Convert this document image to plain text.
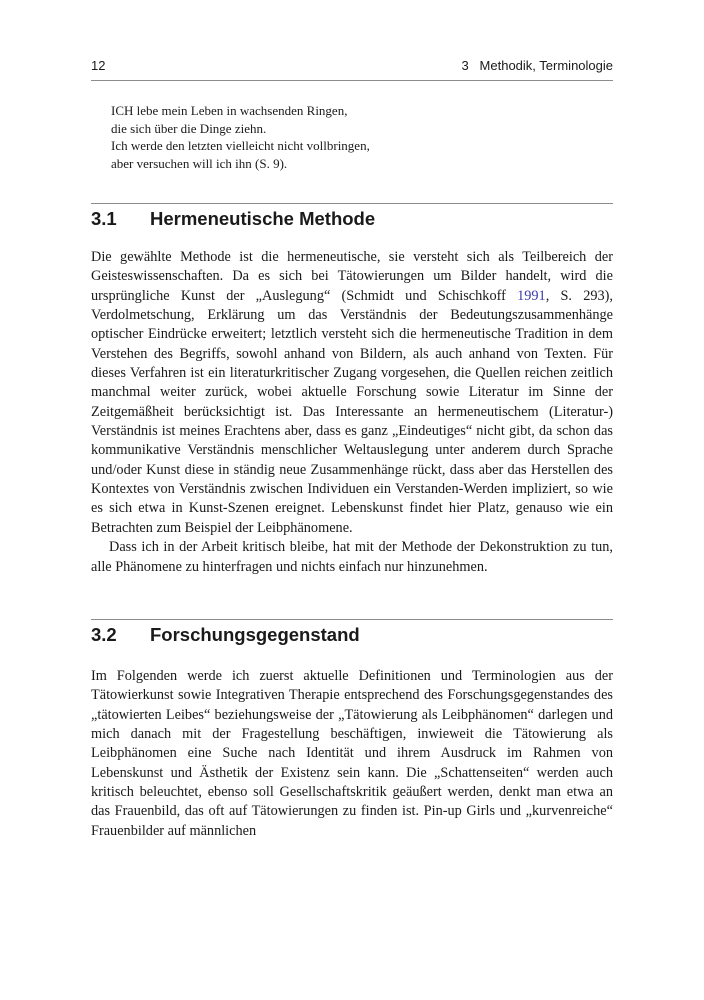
12	3   Methodik, Terminologie
ICH lebe mein Leben in wachsenden Ringen,
die sich über die Dinge ziehn.
Ich werde den letzten vielleicht nicht vollbringen,
aber versuchen will ich ihn (S. 9).
3.1 Hermeneutische Methode

Die gewählte Methode ist die hermeneutische, sie versteht sich als Teilbereich der Geisteswissenschaften. Da es sich bei Tätowierungen um Bilder handelt, wird die ursprüngliche Kunst der „Auslegung“ (Schmidt und Schischkoff 1991, S. 293), Verdolmetschung, Erklärung um das Verständnis der Bedeutungszusammenhänge optischer Eindrücke erweitert; letztlich versteht sich die hermeneutische Tradition in dem Verstehen des Begriffs, sowohl anhand von Bildern, als auch anhand von Texten. Für dieses Verfahren ist ein literaturkritischer Zugang vorgesehen, die Quellen reichen zeitlich manchmal weiter zurück, wobei aktuelle Forschung sowie Literatur im Sinne der Zeitgemäßheit berücksichtigt ist. Das Interessante an hermeneutischem (Literatur-) Verständnis ist meines Erachtens aber, dass es ganz „Eindeutiges“ nicht gibt, da schon das kommunikative Verständnis menschlicher Weltauslegung unter anderem durch Sprache und/oder Kunst diese in ständig neue Zusammenhänge rückt, dass aber das Herstellen des Kontextes von Verständnis zwischen Individuen ein Verstanden-Werden impliziert, so wie es sich etwa in Kunst-Szenen ereignet. Lebenskunst findet hier Platz, genauso wie ein Betrachten zum Beispiel der Leibphänomene.

Dass ich in der Arbeit kritisch bleibe, hat mit der Methode der Dekonstruktion zu tun, alle Phänomene zu hinterfragen und nichts einfach nur hinzunehmen.

3.2 Forschungsgegenstand

Im Folgenden werde ich zuerst aktuelle Definitionen und Terminologien aus der Tätowierkunst sowie Integrativen Therapie entsprechend des Forschungsgegenstandes des „tätowierten Leibes“ beziehungsweise der „Tätowierung als Leibphänomen“ darlegen und mich danach mit der Fragestellung beschäftigen, inwieweit die Tätowierung als Leibphänomen eine Suche nach Identität und ihrem Ausdruck im Rahmen von Lebenskunst und Ästhetik der Existenz sein kann. Die „Schattenseiten“ werden auch kritisch beleuchtet, ebenso soll Gesellschaftskritik geäußert werden, denkt man etwa an das Frauenbild, das oft auf Tätowierungen zu finden ist. Pin-up Girls und „kurvenreiche“ Frauenbilder auf männlichen
